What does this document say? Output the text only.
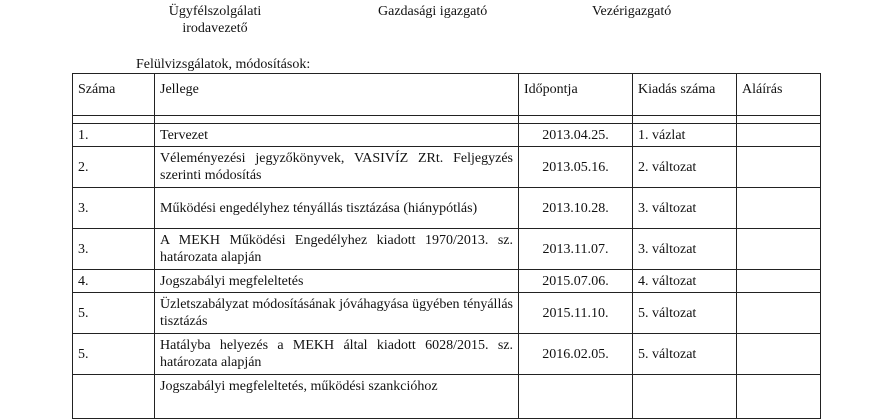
Ügyfélszolgálati
irodavezető
Gazdasági igazgató	Vezérigazgató
Felülvizsgálatok, módosítások:
Száma	Jellege	Időpontja	Kiadás száma	Aláírás

1.	Tervezet	2013.04.25.	1. vázlat	
2.	Véleményezési jegyzőkönyvek, VASIVÍZ ZRt. Feljegyzés szerinti módosítás	2013.05.16.	2. változat	
3.	Működési engedélyhez tényállás tisztázása (hiánypótlás)	2013.10.28.	3. változat	
3.	A MEKH Működési Engedélyhez kiadott 1970/2013. sz. határozata alapján	2013.11.07.	3. változat	
4.	Jogszabályi megfeleltetés	2015.07.06.	4. változat	
5.	Üzletszabályzat módosításának jóváhagyása ügyében tényállás tisztázás	2015.11.10.	5. változat	
5.	Hatályba helyezés a MEKH által kiadott 6028/2015. sz. határozata alapján	2016.02.05.	5. változat	
	Jogszabályi megfeleltetés, működési szankcióhoz			
